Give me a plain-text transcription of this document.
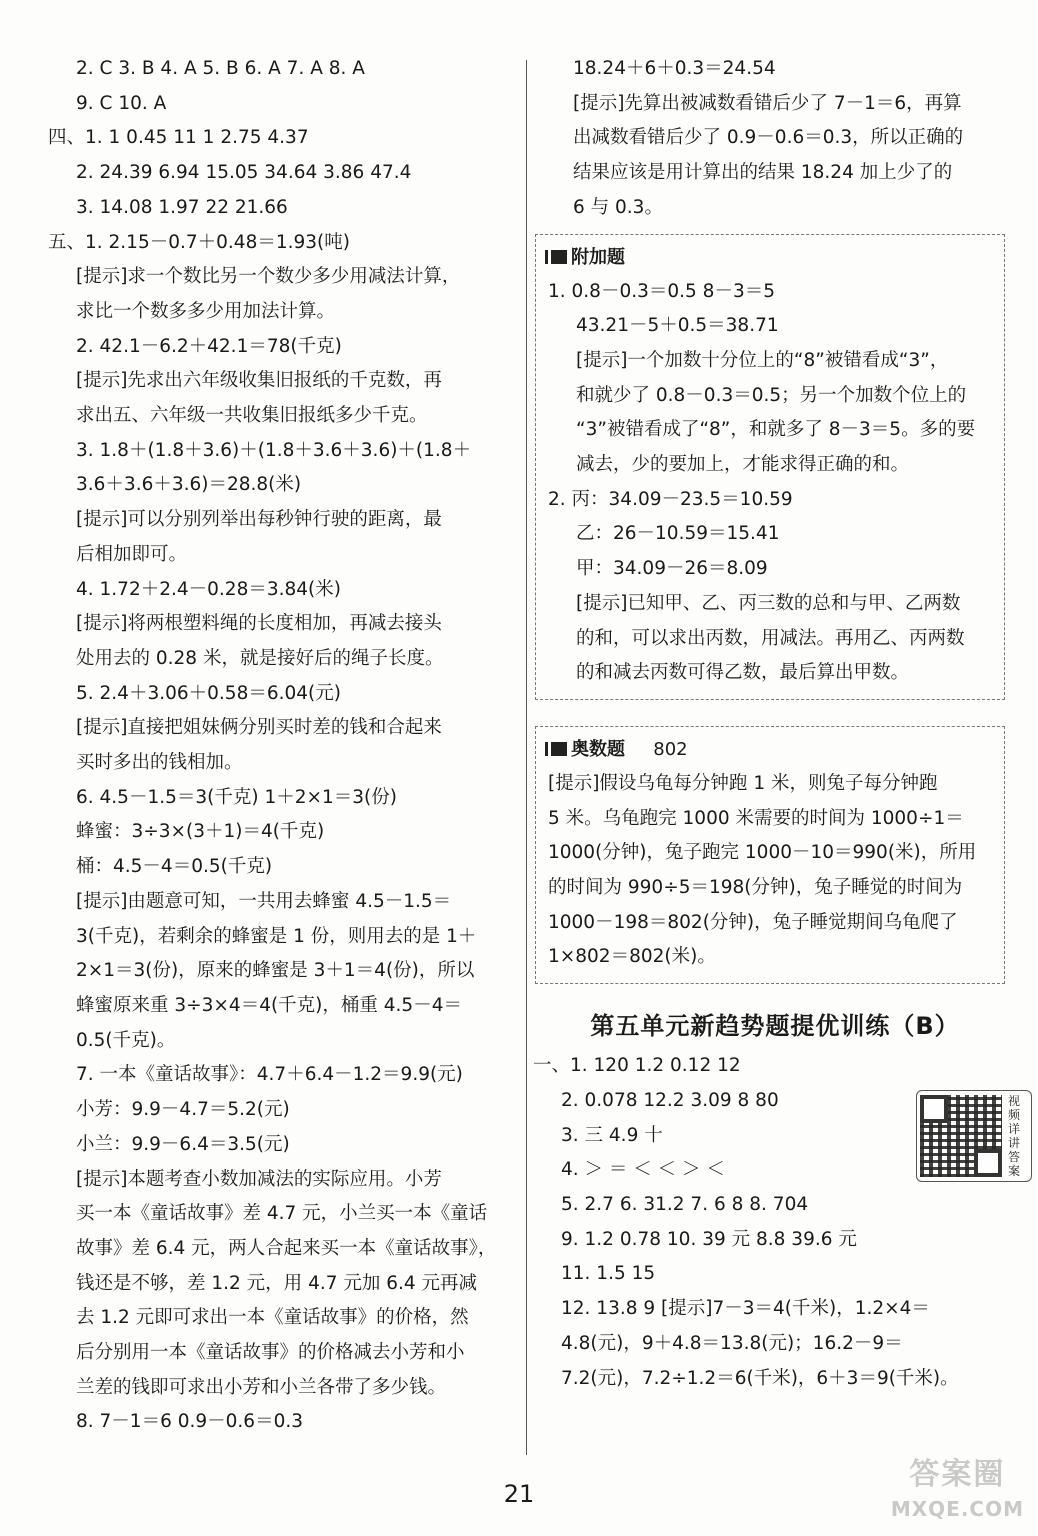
2. C 3. B 4. A 5. B 6. A 7. A 8. A
9. C 10. A
四、1. 1 0.45 11 1 2.75 4.37
2. 24.39 6.94 15.05 34.64 3.86 47.4
3. 14.08 1.97 22 21.66
五、1. 2.15－0.7＋0.48＝1.93(吨)
[提示]求一个数比另一个数少多少用减法计算，
求比一个数多多少用加法计算。
2. 42.1－6.2＋42.1＝78(千克)
[提示]先求出六年级收集旧报纸的千克数，再
求出五、六年级一共收集旧报纸多少千克。
3. 1.8＋(1.8＋3.6)＋(1.8＋3.6＋3.6)＋(1.8＋
3.6＋3.6＋3.6)＝28.8(米)
[提示]可以分别列举出每秒钟行驶的距离，最
后相加即可。
4. 1.72＋2.4－0.28＝3.84(米)
[提示]将两根塑料绳的长度相加，再减去接头
处用去的 0.28 米，就是接好后的绳子长度。
5. 2.4＋3.06＋0.58＝6.04(元)
[提示]直接把姐妹俩分别买时差的钱和合起来
买时多出的钱相加。
6. 4.5－1.5＝3(千克) 1＋2×1＝3(份)
蜂蜜：3÷3×(3＋1)＝4(千克)
桶：4.5－4＝0.5(千克)
[提示]由题意可知，一共用去蜂蜜 4.5－1.5＝
3(千克)，若剩余的蜂蜜是 1 份，则用去的是 1＋
2×1＝3(份)，原来的蜂蜜是 3＋1＝4(份)，所以
蜂蜜原来重 3÷3×4＝4(千克)，桶重 4.5－4＝
0.5(千克)。
7. 一本《童话故事》：4.7＋6.4－1.2＝9.9(元)
小芳：9.9－4.7＝5.2(元)
小兰：9.9－6.4＝3.5(元)
[提示]本题考查小数加减法的实际应用。小芳
买一本《童话故事》差 4.7 元，小兰买一本《童话
故事》差 6.4 元，两人合起来买一本《童话故事》，
钱还是不够，差 1.2 元，用 4.7 元加 6.4 元再减
去 1.2 元即可求出一本《童话故事》的价格，然
后分别用一本《童话故事》的价格减去小芳和小
兰差的钱即可求出小芳和小兰各带了多少钱。
8. 7－1＝6 0.9－0.6＝0.3
18.24＋6＋0.3＝24.54
[提示]先算出被减数看错后少了 7－1＝6，再算
出减数看错后少了 0.9－0.6＝0.3，所以正确的
结果应该是用计算出的结果 18.24 加上少了的
6 与 0.3。
附加题
1. 0.8－0.3＝0.5 8－3＝5
43.21－5＋0.5＝38.71
[提示]一个加数十分位上的“8”被错看成“3”，
和就少了 0.8－0.3＝0.5；另一个加数个位上的
“3”被错看成了“8”，和就多了 8－3＝5。多的要
减去，少的要加上，才能求得正确的和。
2. 丙：34.09－23.5＝10.59
乙：26－10.59＝15.41
甲：34.09－26＝8.09
[提示]已知甲、乙、丙三数的总和与甲、乙两数
的和，可以求出丙数，用减法。再用乙、丙两数
的和减去丙数可得乙数，最后算出甲数。
奥数题 802
[提示]假设乌龟每分钟跑 1 米，则兔子每分钟跑
5 米。乌龟跑完 1000 米需要的时间为 1000÷1＝
1000(分钟)，兔子跑完 1000－10＝990(米)，所用
的时间为 990÷5＝198(分钟)，兔子睡觉的时间为
1000－198＝802(分钟)，兔子睡觉期间乌龟爬了
1×802＝802(米)。
第五单元新趋势题提优训练（B）
一、1. 120 1.2 0.12 12
2. 0.078 12.2 3.09 8 80
3. 三 4.9 十
4. ＞ ＝ ＜ ＜ ＞ ＜
5. 2.7 6. 31.2 7. 6 8 8. 704
9. 1.2 0.78 10. 39 元 8.8 39.6 元
11. 1.5 15
12. 13.8 9 [提示]7－3＝4(千米)，1.2×4＝
4.8(元)，9＋4.8＝13.8(元)；16.2－9＝
7.2(元)，7.2÷1.2＝6(千米)，6＋3＝9(千米)。
视频详讲答案
21
答案圈
MXQE.COM
